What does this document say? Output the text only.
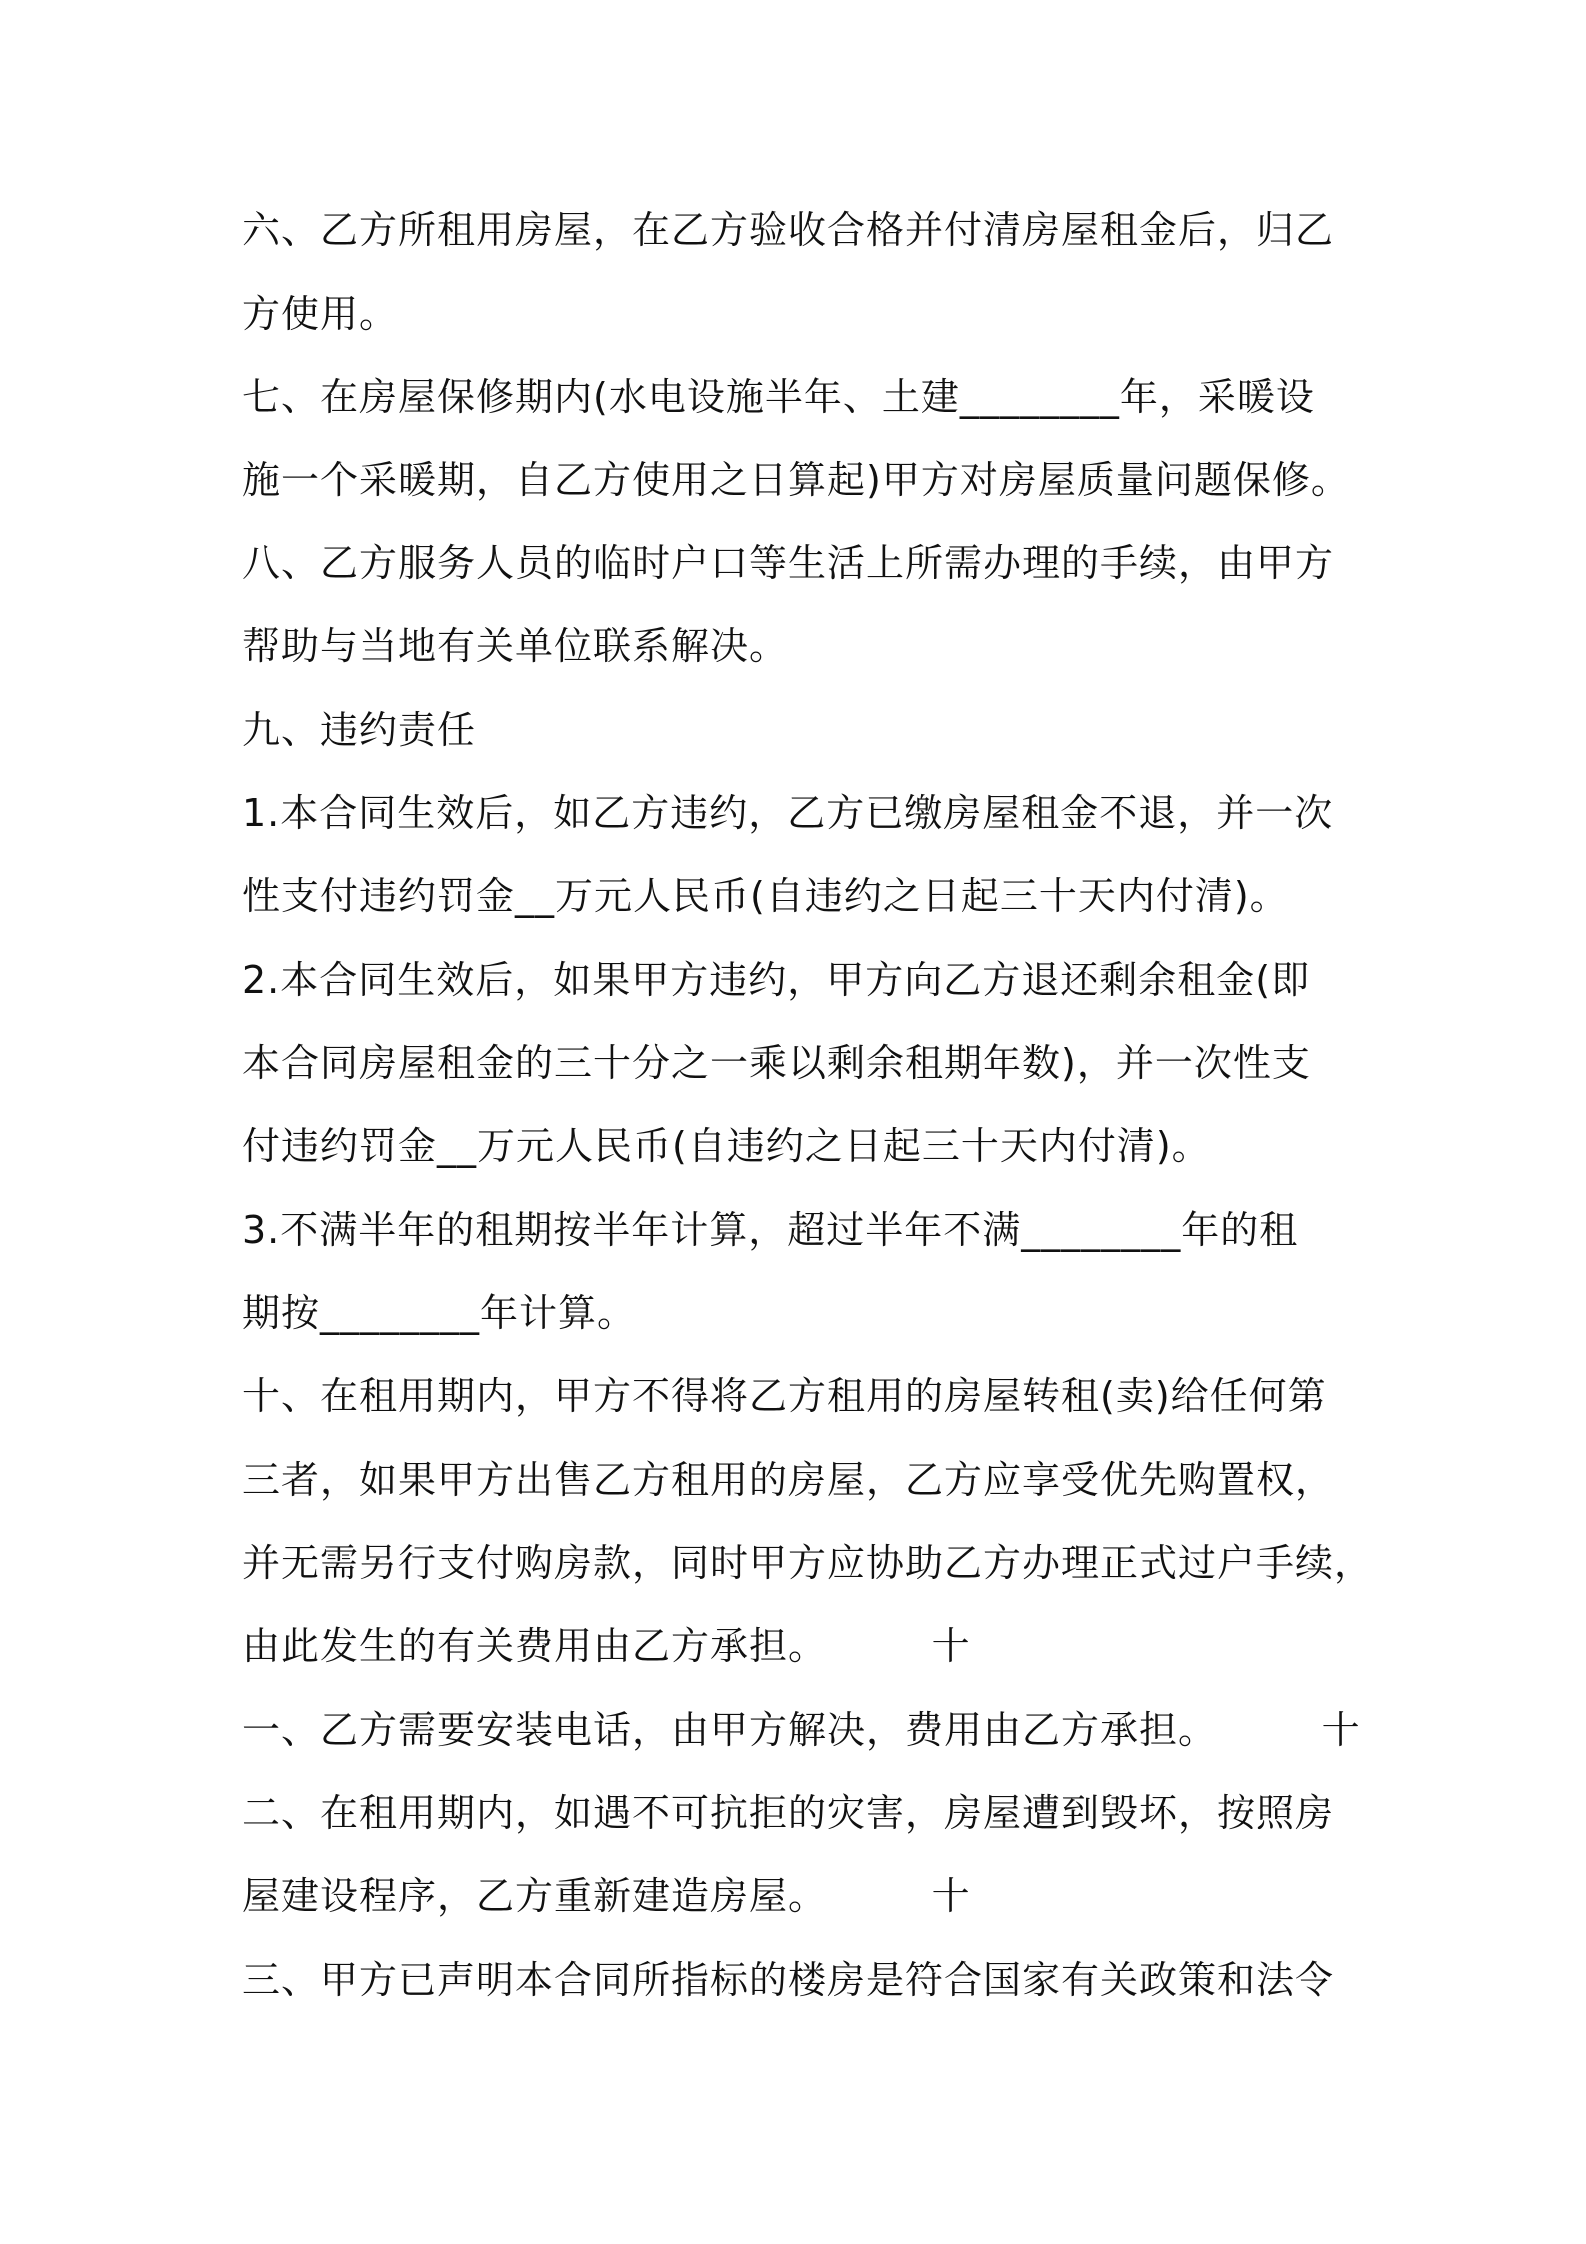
六、乙方所租用房屋，在乙方验收合格并付清房屋租金后，归乙
方使用。
七、在房屋保修期内(水电设施半年、土建________年，采暖设
施一个采暖期，自乙方使用之日算起)甲方对房屋质量问题保修。
八、乙方服务人员的临时户口等生活上所需办理的手续，由甲方
帮助与当地有关单位联系解决。
九、违约责任
1.本合同生效后，如乙方违约，乙方已缴房屋租金不退，并一次
性支付违约罚金__万元人民币(自违约之日起三十天内付清)。
2.本合同生效后，如果甲方违约，甲方向乙方退还剩余租金(即
本合同房屋租金的三十分之一乘以剩余租期年数)，并一次性支
付违约罚金__万元人民币(自违约之日起三十天内付清)。
3.不满半年的租期按半年计算，超过半年不满________年的租
期按________年计算。
十、在租用期内，甲方不得将乙方租用的房屋转租(卖)给任何第
三者，如果甲方出售乙方租用的房屋，乙方应享受优先购置权，
并无需另行支付购房款，同时甲方应协助乙方办理正式过户手续，
由此发生的有关费用由乙方承担。        十
一、乙方需要安装电话，由甲方解决，费用由乙方承担。        十
二、在租用期内，如遇不可抗拒的灾害，房屋遭到毁坏，按照房
屋建设程序，乙方重新建造房屋。        十
三、甲方已声明本合同所指标的楼房是符合国家有关政策和法令
